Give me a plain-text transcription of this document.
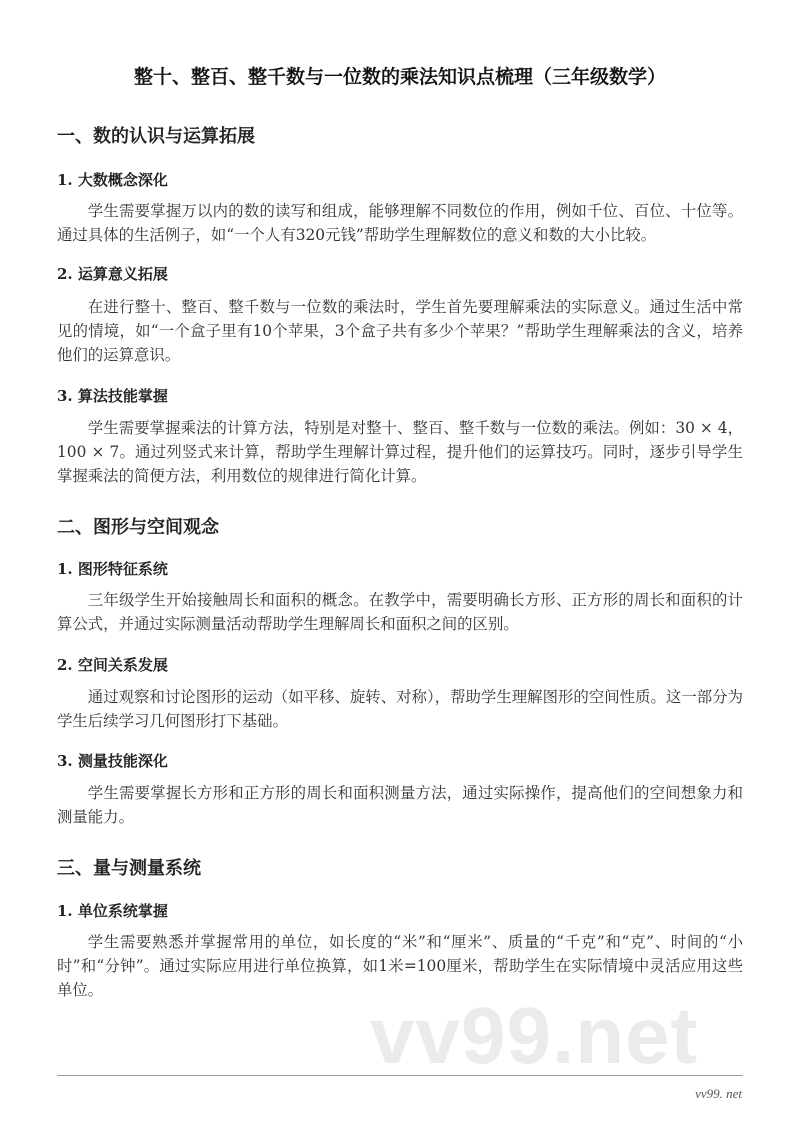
整十、整百、整千数与一位数的乘法知识点梳理（三年级数学）
一、数的认识与运算拓展
1. 大数概念深化
学生需要掌握万以内的数的读写和组成，能够理解不同数位的作用，例如千位、百位、十位等。通过具体的生活例子，如“一个人有320元钱”帮助学生理解数位的意义和数的大小比较。
2. 运算意义拓展
在进行整十、整百、整千数与一位数的乘法时，学生首先要理解乘法的实际意义。通过生活中常见的情境，如“一个盒子里有10个苹果，3个盒子共有多少个苹果？”帮助学生理解乘法的含义，培养他们的运算意识。
3. 算法技能掌握
学生需要掌握乘法的计算方法，特别是对整十、整百、整千数与一位数的乘法。例如：30 × 4，100 × 7。通过列竖式来计算，帮助学生理解计算过程，提升他们的运算技巧。同时，逐步引导学生掌握乘法的简便方法，利用数位的规律进行简化计算。
二、图形与空间观念
1. 图形特征系统
三年级学生开始接触周长和面积的概念。在教学中，需要明确长方形、正方形的周长和面积的计算公式，并通过实际测量活动帮助学生理解周长和面积之间的区别。
2. 空间关系发展
通过观察和讨论图形的运动（如平移、旋转、对称），帮助学生理解图形的空间性质。这一部分为学生后续学习几何图形打下基础。
3. 测量技能深化
学生需要掌握长方形和正方形的周长和面积测量方法，通过实际操作，提高他们的空间想象力和测量能力。
三、量与测量系统
1. 单位系统掌握
学生需要熟悉并掌握常用的单位，如长度的“米”和“厘米”、质量的“千克”和“克”、时间的“小时”和“分钟”。通过实际应用进行单位换算，如1米=100厘米，帮助学生在实际情境中灵活应用这些单位。
vv99.net
vv99. net
